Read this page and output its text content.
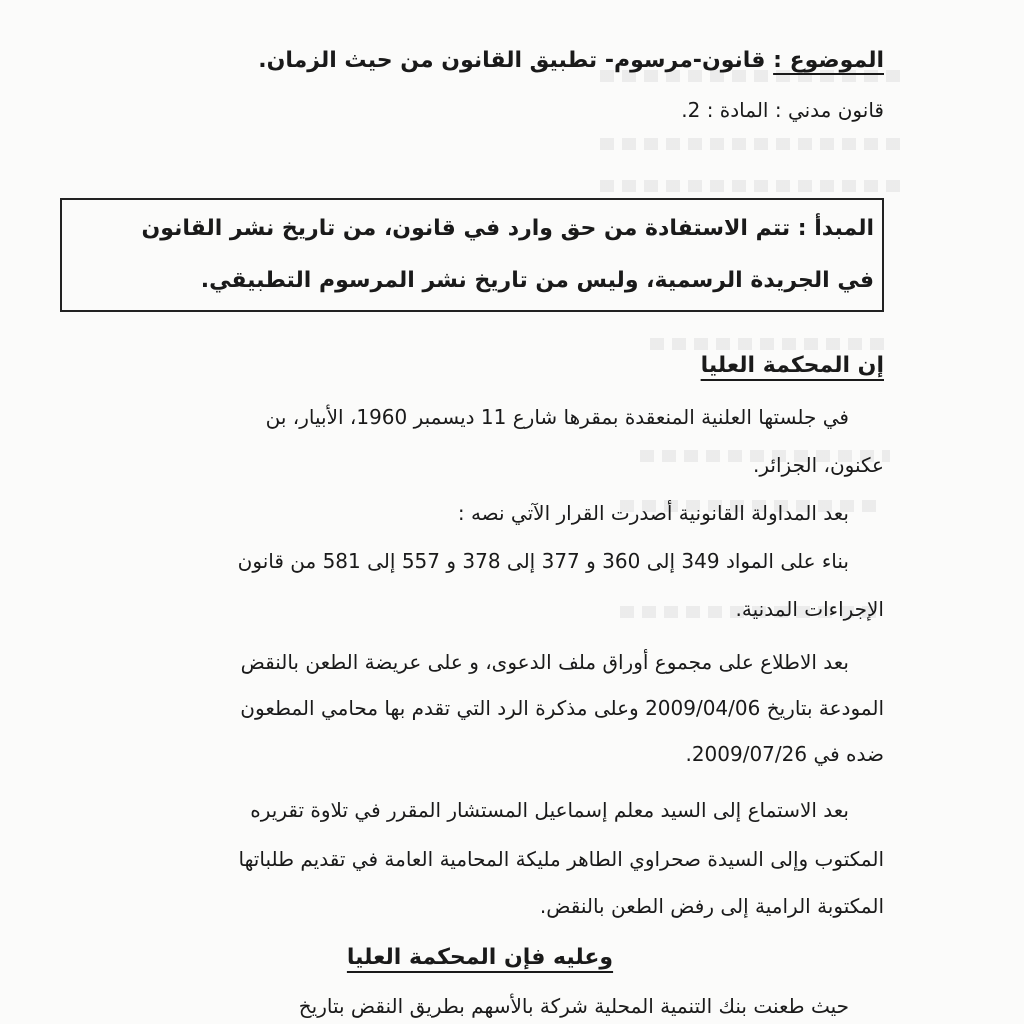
الموضوع : قانون-مرسوم- تطبيق القانون من حيث الزمان.
قانون مدني : المادة : 2.
المبدأ : تتم الاستفادة من حق وارد في قانون، من تاريخ نشر القانون
في الجريدة الرسمية، وليس من تاريخ نشر المرسوم التطبيقي.
إن المحكمة العليا
في جلستها العلنية المنعقدة بمقرها شارع 11 ديسمبر 1960، الأبيار، بن
عكنون، الجزائر.
بعد المداولة القانونية أصدرت القرار الآتي نصه :
بناء على المواد 349 إلى 360 و 377 إلى 378 و 557 إلى 581 من قانون
الإجراءات المدنية.
بعد الاطلاع على مجموع أوراق ملف الدعوى، و على عريضة الطعن بالنقض
المودعة بتاريخ 2009/04/06 وعلى مذكرة الرد التي تقدم بها محامي المطعون
ضده في 2009/07/26.
بعد الاستماع إلى السيد معلم إسماعيل المستشار المقرر في تلاوة تقريره
المكتوب وإلى السيدة صحراوي الطاهر مليكة المحامية العامة في تقديم طلباتها
المكتوبة الرامية إلى رفض الطعن بالنقض.
وعليه فإن المحكمة العليا
حيث طعنت بنك التنمية المحلية شركة بالأسهم بطريق النقض بتاريخ
